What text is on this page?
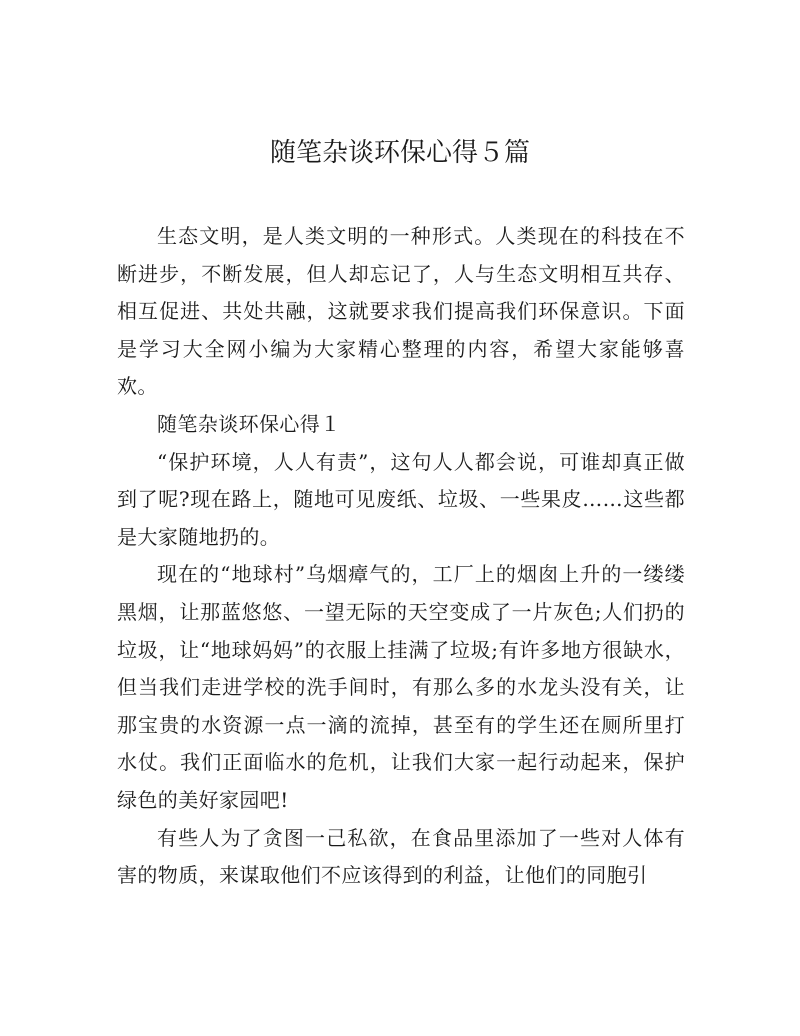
随笔杂谈环保心得５篇

生态文明，是人类文明的一种形式。人类现在的科技在不断进步，不断发展，但人却忘记了，人与生态文明相互共存、相互促进、共处共融，这就要求我们提高我们环保意识。下面是学习大全网小编为大家精心整理的内容，希望大家能够喜欢。

随笔杂谈环保心得１

“保护环境，人人有责”，这句人人都会说，可谁却真正做到了呢?现在路上，随地可见废纸、垃圾、一些果皮……这些都是大家随地扔的。

现在的“地球村”乌烟瘴气的，工厂上的烟囱上升的一缕缕黑烟，让那蓝悠悠、一望无际的天空变成了一片灰色;人们扔的垃圾，让“地球妈妈”的衣服上挂满了垃圾;有许多地方很缺水，但当我们走进学校的洗手间时，有那么多的水龙头没有关，让那宝贵的水资源一点一滴的流掉，甚至有的学生还在厕所里打水仗。我们正面临水的危机，让我们大家一起行动起来，保护绿色的美好家园吧!

有些人为了贪图一己私欲，在食品里添加了一些对人体有害的物质，来谋取他们不应该得到的利益，让他们的同胞引
